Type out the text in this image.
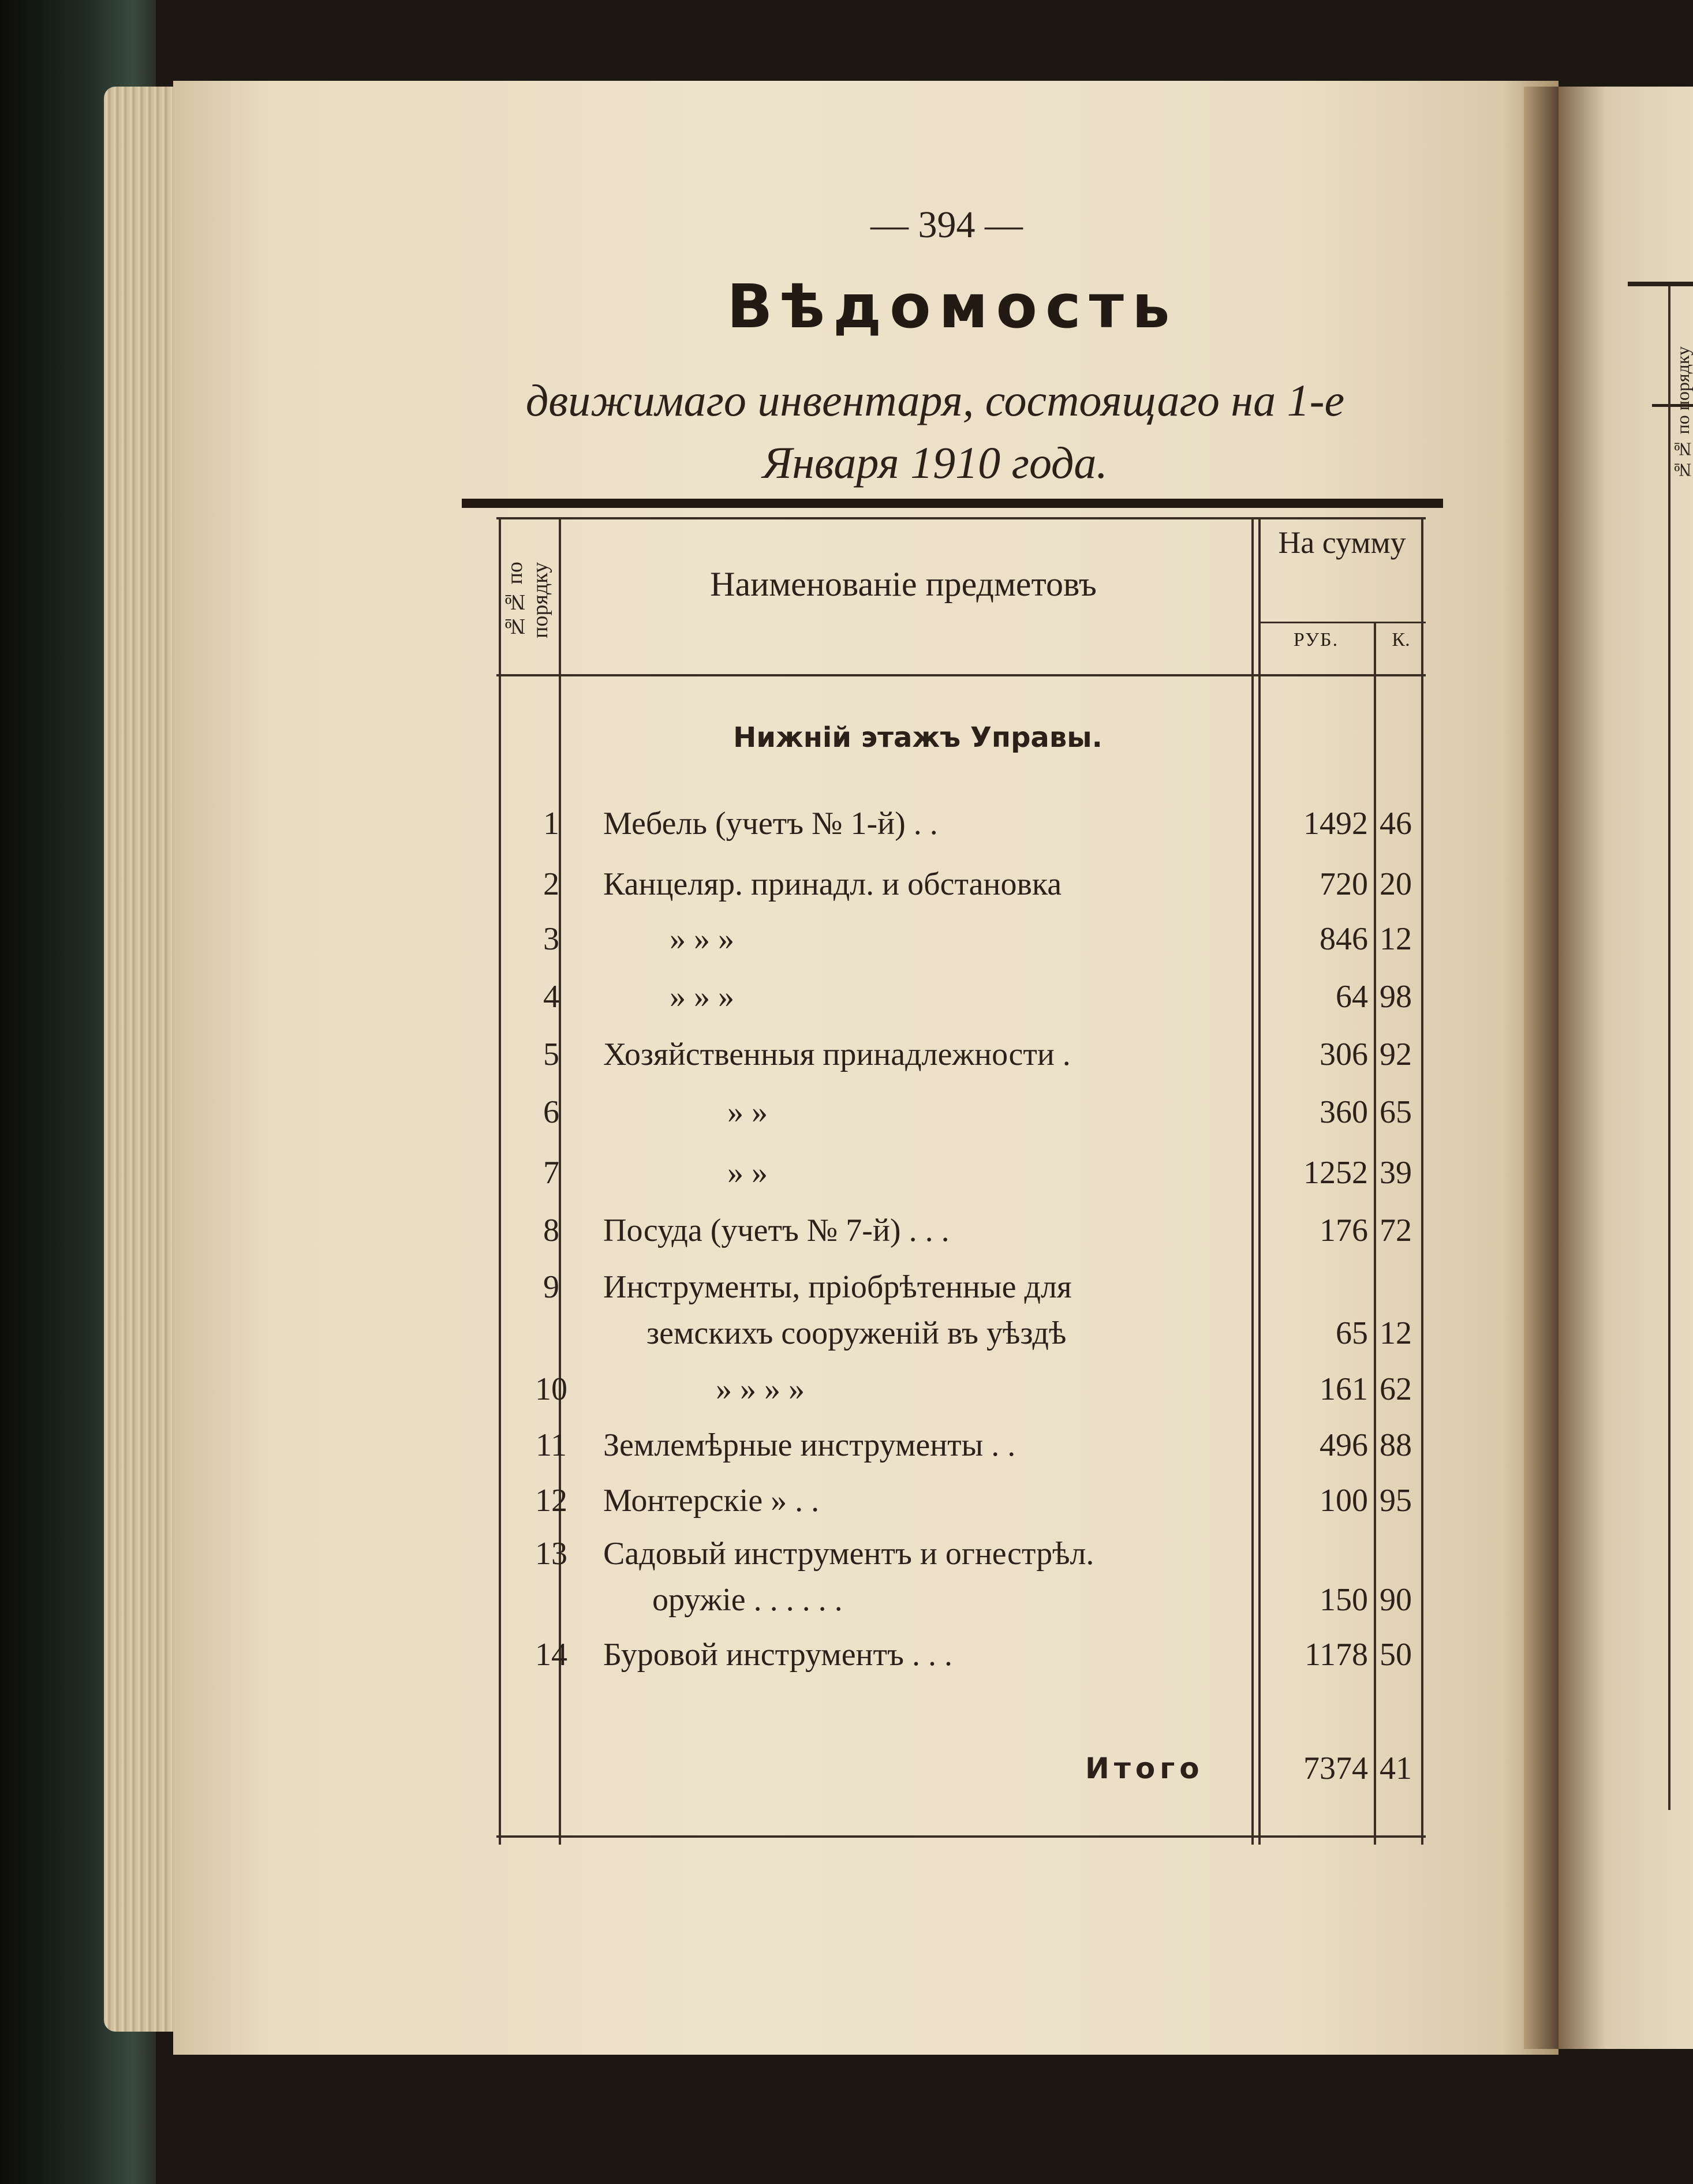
№№ по порядку
— 394 —
Вѣдомость
движимаго инвентаря, состоящаго на 1-е Января 1910 года.
№№ по порядку	Наименованіе предметовъ
На сумму
РУБ.	К.
Нижній этажъ Управы.
1	Мебель (учетъ № 1-й) . .	1492 46
2	Канцеляр. принадл. и обстановка	720 20
3	» » »	846 12
4	» » »	64 98
5	Хозяйственныя принадлежности .	306 92
6	» »	360 65
7	» »	1252 39
8	Посуда (учетъ № 7-й) . . .	176 72
9	Инструменты, пріобрѣтенные для
земскихъ сооруженій въ уѣздѣ	65 12
10	» » » »	161 62
11	Землемѣрные инструменты . .	496 88
12	Монтерскіе » . .	100 95
13	Садовый инструментъ и огнестрѣл.
оружіе . . . . . .	150 90
14	Буровой инструментъ . . .	1178 50
Итого	7374 41
